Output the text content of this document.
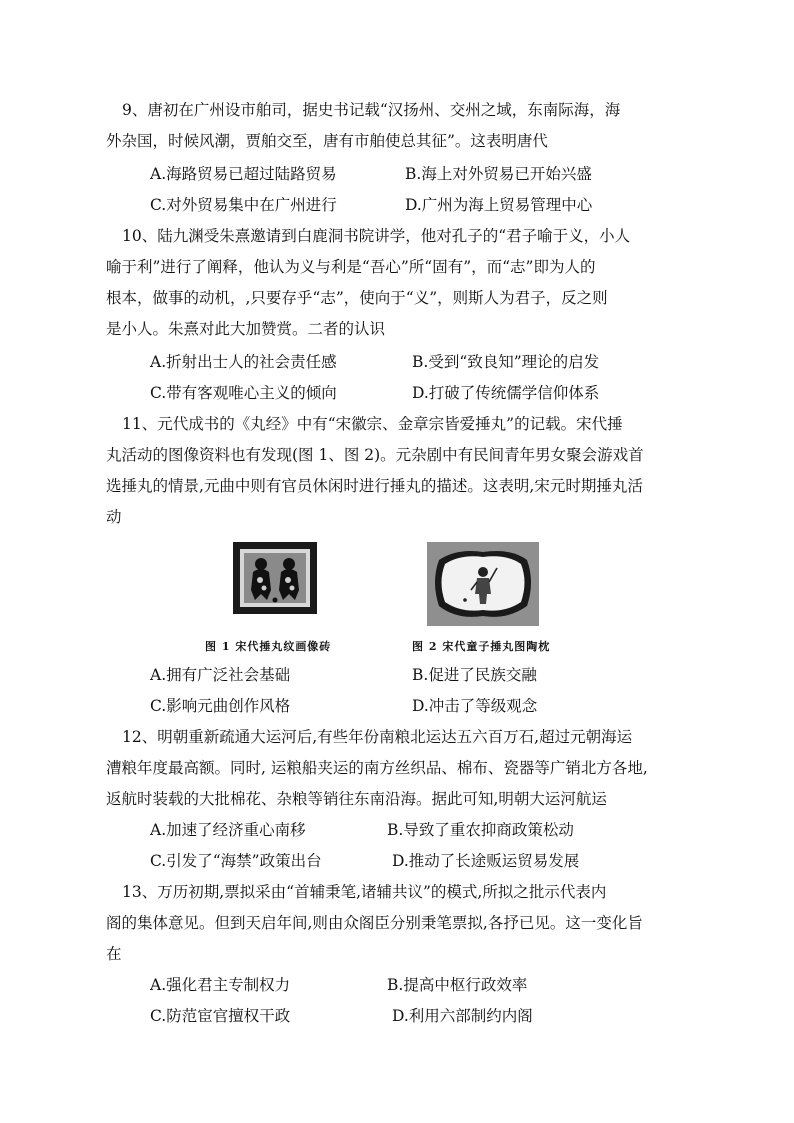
9、唐初在广州设市舶司，据史书记载“汉扬州、交州之域，东南际海，海
外杂国，时候风潮，贾舶交至，唐有市舶使总其征”。这表明唐代
A.海路贸易已超过陆路贸易	B.海上对外贸易已开始兴盛
C.对外贸易集中在广州进行	D.广州为海上贸易管理中心
10、陆九渊受朱熹邀请到白鹿洞书院讲学，他对孔子的“君子喻于义，小人
喻于利”进行了阐释，他认为义与利是“吾心”所“固有”，而“志”即为人的
根本，做事的动机，,只要存乎“志”，使向于“义”，则斯人为君子，反之则
是小人。朱熹对此大加赞赏。二者的认识
A.折射出士人的社会责任感	B.受到“致良知”理论的启发
C.带有客观唯心主义的倾向	D.打破了传统儒学信仰体系
11、元代成书的《丸经》中有“宋徽宗、金章宗皆爱捶丸”的记载。宋代捶
丸活动的图像资料也有发现(图 1、图 2)。元杂剧中有民间青年男女聚会游戏首
选捶丸的情景,元曲中则有官员休闲时进行捶丸的描述。这表明,宋元时期捶丸活
动
图 1 宋代捶丸纹画像砖	图 2 宋代童子捶丸图陶枕
A.拥有广泛社会基础	B.促进了民族交融
C.影响元曲创作风格	D.冲击了等级观念
12、明朝重新疏通大运河后,有些年份南粮北运达五六百万石,超过元朝海运
漕粮年度最高额。同时, 运粮船夹运的南方丝织品、棉布、瓷器等广销北方各地,
返航时装载的大批棉花、杂粮等销往东南沿海。据此可知,明朝大运河航运
A.加速了经济重心南移	B.导致了重农抑商政策松动
C.引发了“海禁”政策出台	D.推动了长途贩运贸易发展
13、万历初期,票拟采由“首辅秉笔,诸辅共议”的模式,所拟之批示代表内
阁的集体意见。但到天启年间,则由众阁臣分别秉笔票拟,各抒已见。这一变化旨
在
A.强化君主专制权力	B.提高中枢行政效率
C.防范宦官擅权干政	D.利用六部制约内阁
